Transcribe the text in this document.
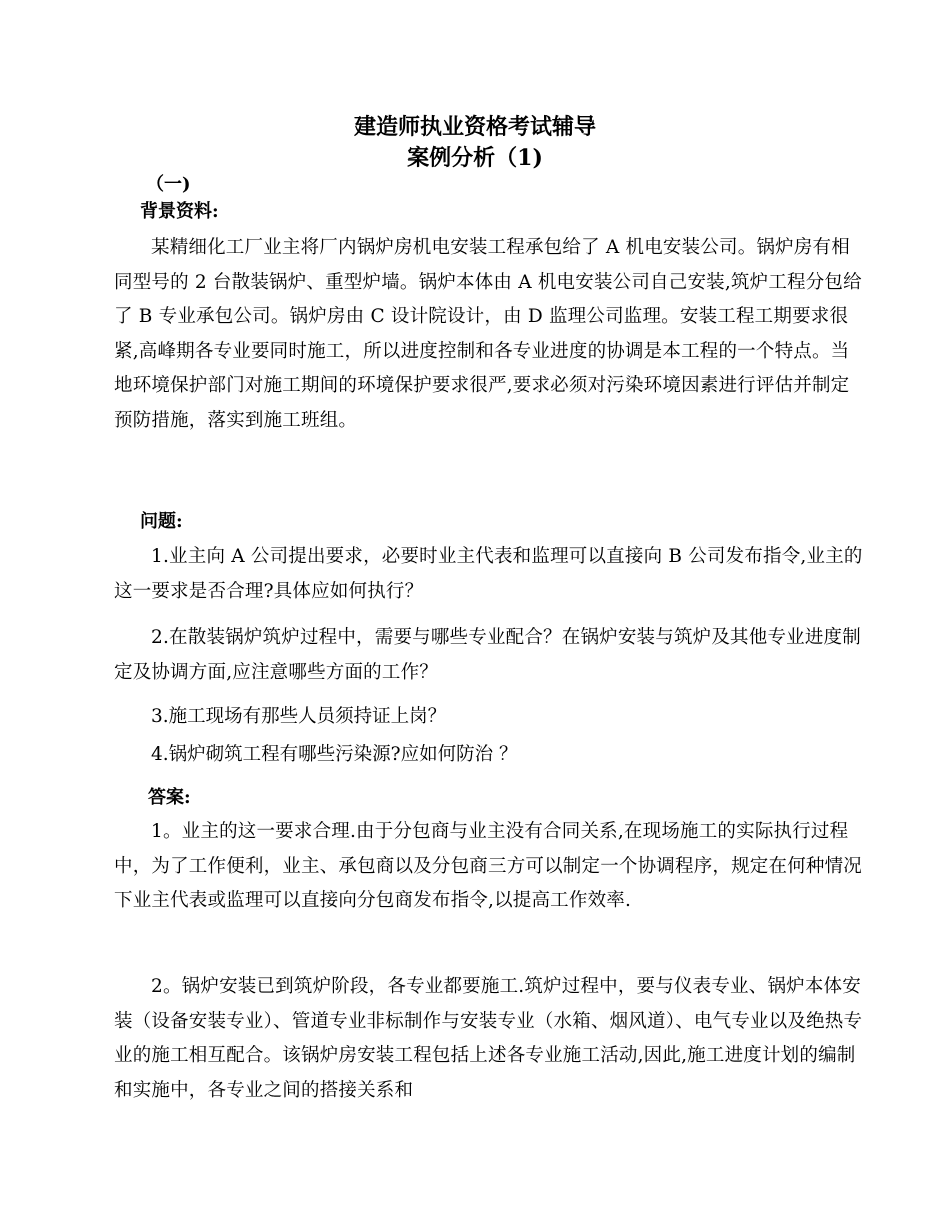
建造师执业资格考试辅导
案例分析（1)
（一)
背景资料:

某精细化工厂业主将厂内锅炉房机电安装工程承包给了 A 机电安装公司。锅炉房有相同型号的 2 台散装锅炉、重型炉墙。锅炉本体由 A 机电安装公司自己安装,筑炉工程分包给了 B 专业承包公司。锅炉房由 C 设计院设计，由 D 监理公司监理。安装工程工期要求很紧,高峰期各专业要同时施工，所以进度控制和各专业进度的协调是本工程的一个特点。当地环境保护部门对施工期间的环境保护要求很严,要求必须对污染环境因素进行评估并制定预防措施，落实到施工班组。

问题:

1.业主向 A 公司提出要求，必要时业主代表和监理可以直接向 B 公司发布指令,业主的这一要求是否合理?具体应如何执行？

2.在散装锅炉筑炉过程中，需要与哪些专业配合？在锅炉安装与筑炉及其他专业进度制定及协调方面,应注意哪些方面的工作？

3.施工现场有那些人员须持证上岗？

4.锅炉砌筑工程有哪些污染源?应如何防治 ？

答案:

1。业主的这一要求合理.由于分包商与业主没有合同关系,在现场施工的实际执行过程中，为了工作便利，业主、承包商以及分包商三方可以制定一个协调程序，规定在何种情况下业主代表或监理可以直接向分包商发布指令,以提高工作效率.

2。锅炉安装已到筑炉阶段，各专业都要施工.筑炉过程中，要与仪表专业、锅炉本体安装（设备安装专业）、管道专业非标制作与安装专业（水箱、烟风道）、电气专业以及绝热专业的施工相互配合。该锅炉房安装工程包括上述各专业施工活动,因此,施工进度计划的编制和实施中，各专业之间的搭接关系和
